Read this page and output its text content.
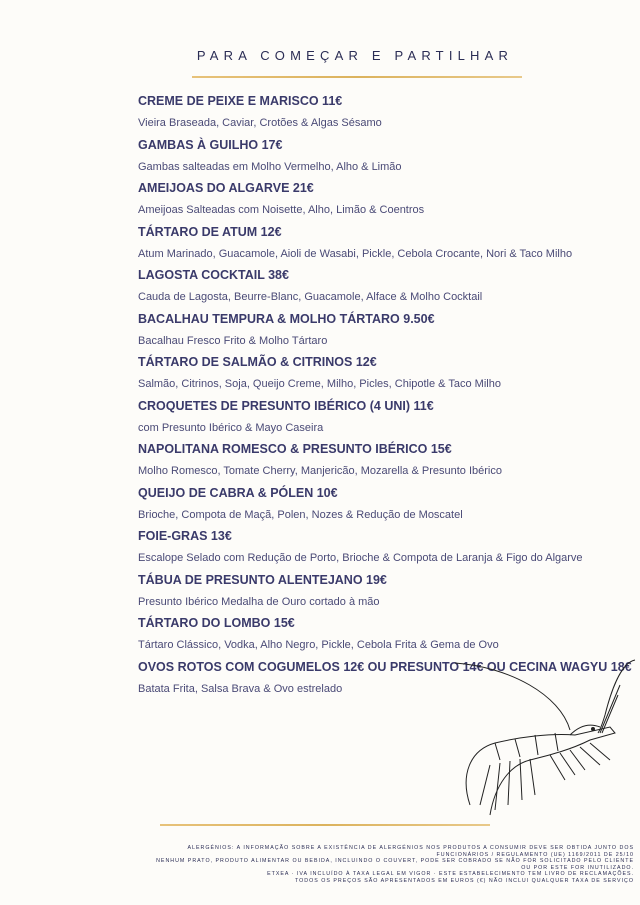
PARA COMEÇAR E PARTILHAR
CREME DE PEIXE E MARISCO 11€
Vieira Braseada, Caviar, Crotões & Algas Sésamo
GAMBAS À GUILHO 17€
Gambas salteadas em Molho Vermelho, Alho & Limão
AMEIJOAS DO ALGARVE 21€
Ameijoas Salteadas com Noisette, Alho, Limão & Coentros
TÁRTARO DE ATUM 12€
Atum Marinado, Guacamole, Aioli de Wasabi, Pickle, Cebola Crocante, Nori & Taco Milho
LAGOSTA COCKTAIL 38€
Cauda de Lagosta, Beurre-Blanc, Guacamole, Alface & Molho Cocktail
BACALHAU TEMPURA & MOLHO TÁRTARO 9.50€
Bacalhau Fresco Frito & Molho Tártaro
TÁRTARO DE SALMÃO & CITRINOS 12€
Salmão, Citrinos, Soja, Queijo Creme, Milho, Picles, Chipotle & Taco Milho
CROQUETES DE PRESUNTO IBÉRICO (4 UNI) 11€
com Presunto Ibérico & Mayo Caseira
NAPOLITANA ROMESCO & PRESUNTO IBÉRICO 15€
Molho Romesco, Tomate Cherry, Manjericão, Mozarella & Presunto Ibérico
QUEIJO DE CABRA & PÓLEN 10€
Brioche, Compota de Maçã, Polen, Nozes & Redução de Moscatel
FOIE-GRAS 13€
Escalope Selado com Redução de Porto, Brioche & Compota de Laranja & Figo do Algarve
TÁBUA DE PRESUNTO ALENTEJANO 19€
Presunto Ibérico Medalha de Ouro cortado à mão
TÁRTARO DO LOMBO 15€
Tártaro Clássico, Vodka, Alho Negro, Pickle, Cebola Frita & Gema de Ovo
OVOS ROTOS COM COGUMELOS 12€ OU PRESUNTO 14€ OU CECINA WAGYU 18€
Batata Frita, Salsa Brava & Ovo estrelado
ALERGÉNIOS: A INFORMAÇÃO SOBRE A EXISTÊNCIA DE ALERGÉNIOS NOS PRODUTOS A CONSUMIR DEVE SER OBTIDA JUNTO DOS
FUNCIONÁRIOS / REGULAMENTO (UE) 1169/2011 DE 25/10
NENHUM PRATO, PRODUTO ALIMENTAR OU BEBIDA, INCLUINDO O COUVERT, PODE SER COBRADO SE NÃO FOR SOLICITADO PELO CLIENTE
OU POR ESTE FOR INUTILIZADO.
ETXEA · IVA INCLUÍDO À TAXA LEGAL EM VIGOR · ESTE ESTABELECIMENTO TEM LIVRO DE RECLAMAÇÕES.
TODOS OS PREÇOS SÃO APRESENTADOS EM EUROS (€) NÃO INCLUI QUALQUER TAXA DE SERVIÇO
